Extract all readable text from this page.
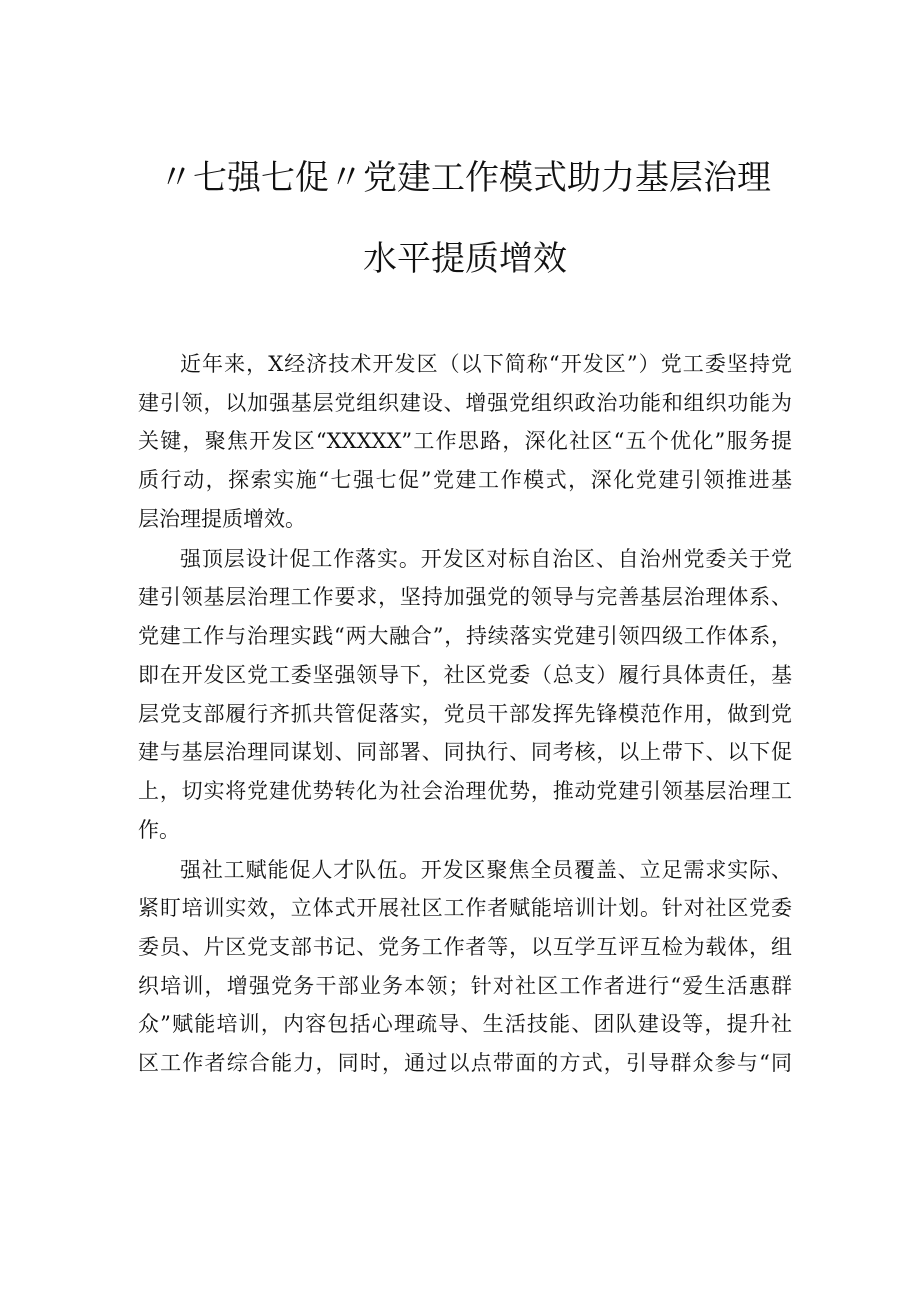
〃七强七促〃党建工作模式助力基层治理
水平提质增效

近年来，X经济技术开发区（以下简称“开发区”）党工委坚持党
建引领，以加强基层党组织建设、增强党组织政治功能和组织功能为
关键，聚焦开发区“XXXXX”工作思路，深化社区“五个优化”服务提
质行动，探索实施“七强七促”党建工作模式，深化党建引领推进基
层治理提质增效。

强顶层设计促工作落实。开发区对标自治区、自治州党委关于党
建引领基层治理工作要求，坚持加强党的领导与完善基层治理体系、
党建工作与治理实践“两大融合”，持续落实党建引领四级工作体系，
即在开发区党工委坚强领导下，社区党委（总支）履行具体责任，基
层党支部履行齐抓共管促落实，党员干部发挥先锋模范作用，做到党
建与基层治理同谋划、同部署、同执行、同考核，以上带下、以下促
上，切实将党建优势转化为社会治理优势，推动党建引领基层治理工
作。

强社工赋能促人才队伍。开发区聚焦全员覆盖、立足需求实际、
紧盯培训实效，立体式开展社区工作者赋能培训计划。针对社区党委
委员、片区党支部书记、党务工作者等，以互学互评互检为载体，组
织培训，增强党务干部业务本领；针对社区工作者进行“爱生活惠群
众”赋能培训，内容包括心理疏导、生活技能、团队建设等，提升社
区工作者综合能力，同时，通过以点带面的方式，引导群众参与“同
